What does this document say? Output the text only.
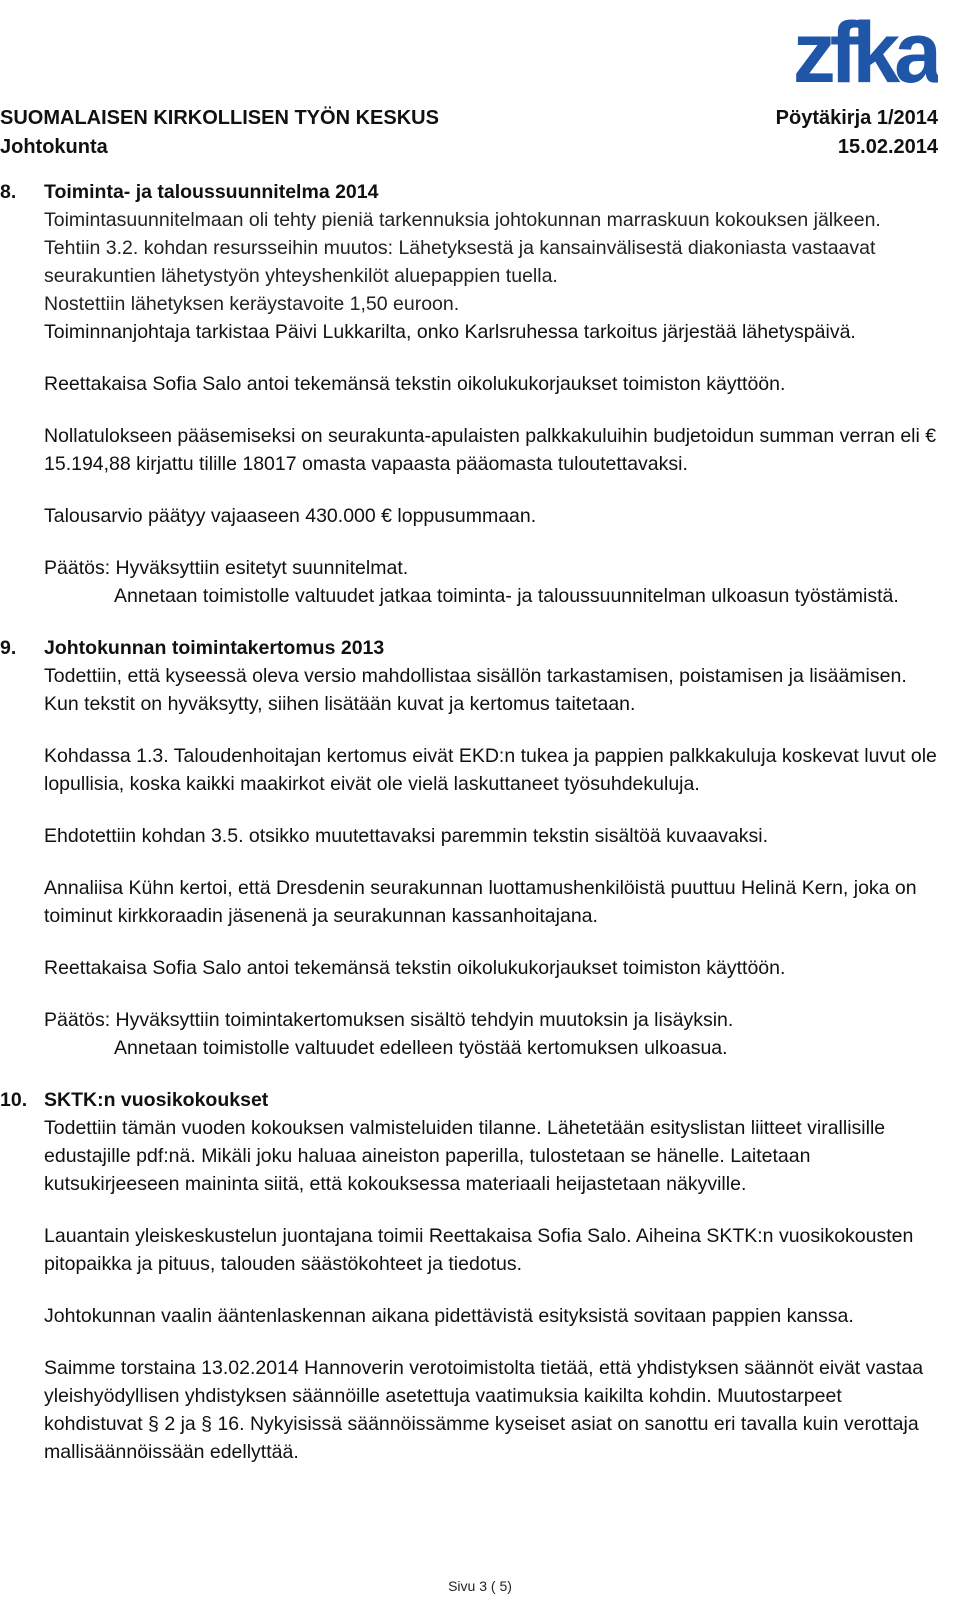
zfka
SUOMALAISEN KIRKOLLISEN TYÖN KESKUS
Johtokunta
Pöytäkirja 1/2014
15.02.2014
8.	Toiminta- ja taloussuunnitelma 2014
Toimintasuunnitelmaan oli tehty pieniä tarkennuksia johtokunnan marraskuun kokouksen jälkeen.
Tehtiin 3.2. kohdan resursseihin muutos: Lähetyksestä ja kansainvälisestä diakoniasta vastaavat seurakuntien lähetystyön yhteyshenkilöt aluepappien tuella.
Nostettiin lähetyksen keräystavoite 1,50 euroon.
Toiminnanjohtaja tarkistaa Päivi Lukkarilta, onko Karlsruhessa tarkoitus järjestää lähetyspäivä.
Reettakaisa Sofia Salo antoi tekemänsä tekstin oikolukukorjaukset toimiston käyttöön.
Nollatulokseen pääsemiseksi on seurakunta-apulaisten palkkakuluihin budjetoidun summan verran eli € 15.194,88 kirjattu tilille 18017 omasta vapaasta pääomasta tuloutettavaksi.
Talousarvio päätyy vajaaseen 430.000 € loppusummaan.
Päätös: Hyväksyttiin esitetyt suunnitelmat.
Annetaan toimistolle valtuudet jatkaa toiminta- ja taloussuunnitelman ulkoasun työstämistä.
9.	Johtokunnan toimintakertomus 2013
Todettiin, että kyseessä oleva versio mahdollistaa sisällön tarkastamisen, poistamisen ja lisäämisen. Kun tekstit on hyväksytty, siihen lisätään kuvat ja kertomus taitetaan.
Kohdassa 1.3. Taloudenhoitajan kertomus eivät EKD:n tukea ja pappien palkkakuluja koskevat luvut ole lopullisia, koska kaikki maakirkot eivät ole vielä laskuttaneet työsuhdekuluja.
Ehdotettiin kohdan 3.5. otsikko muutettavaksi paremmin tekstin sisältöä kuvaavaksi.
Annaliisa Kühn kertoi, että Dresdenin seurakunnan luottamushenkilöistä puuttuu Helinä Kern, joka on toiminut kirkkoraadin jäsenenä ja seurakunnan kassanhoitajana.
Reettakaisa Sofia Salo antoi tekemänsä tekstin oikolukukorjaukset toimiston käyttöön.
Päätös: Hyväksyttiin toimintakertomuksen sisältö tehdyin muutoksin ja lisäyksin.
Annetaan toimistolle valtuudet edelleen työstää kertomuksen ulkoasua.
10. SKTK:n vuosikokoukset
Todettiin tämän vuoden kokouksen valmisteluiden tilanne. Lähetetään esityslistan liitteet virallisille edustajille pdf:nä. Mikäli joku haluaa aineiston paperilla, tulostetaan se hänelle. Laitetaan kutsukirjeeseen maininta siitä, että kokouksessa materiaali heijastetaan näkyville.
Lauantain yleiskeskustelun juontajana toimii Reettakaisa Sofia Salo. Aiheina SKTK:n vuosikokousten pitopaikka ja pituus, talouden säästökohteet ja tiedotus.
Johtokunnan vaalin ääntenlaskennan aikana pidettävistä esityksistä sovitaan pappien kanssa.
Saimme torstaina 13.02.2014 Hannoverin verotoimistolta tietää, että yhdistyksen säännöt eivät vastaa yleishyödyllisen yhdistyksen säännöille asetettuja vaatimuksia kaikilta kohdin. Muutostarpeet kohdistuvat § 2 ja § 16. Nykyisissä säännöissämme kyseiset asiat on sanottu eri tavalla kuin verottaja mallisäännöissään edellyttää.
Sivu 3 ( 5)
